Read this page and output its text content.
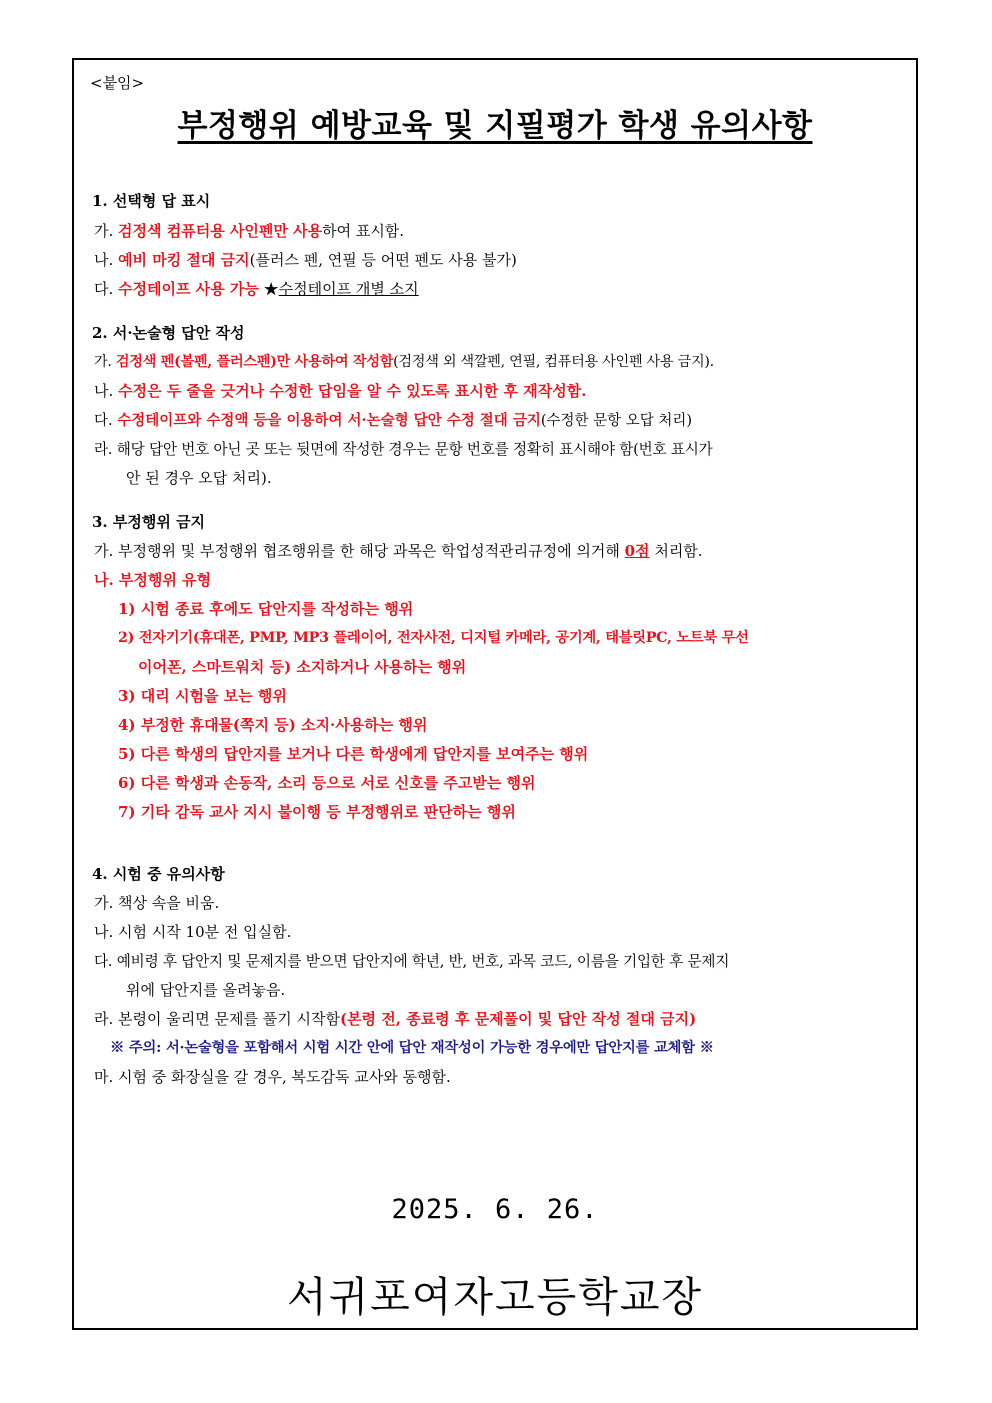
<붙임>
부정행위 예방교육 및 지필평가 학생 유의사항
1. 선택형 답 표시
가. 검정색 컴퓨터용 사인펜만 사용하여 표시함.
나. 예비 마킹 절대 금지(플러스 펜, 연필 등 어떤 펜도 사용 불가)
다. 수정테이프 사용 가능 ★수정테이프 개별 소지
2. 서·논술형 답안 작성
가. 검정색 펜(볼펜, 플러스펜)만 사용하여 작성함(검정색 외 색깔펜, 연필, 컴퓨터용 사인펜 사용 금지).
나. 수정은 두 줄을 긋거나 수정한 답임을 알 수 있도록 표시한 후 재작성함.
다. 수정테이프와 수정액 등을 이용하여 서·논술형 답안 수정 절대 금지(수정한 문항 오답 처리)
라. 해당 답안 번호 아닌 곳 또는 뒷면에 작성한 경우는 문항 번호를 정확히 표시해야 함(번호 표시가
안 된 경우 오답 처리).
3. 부정행위 금지
가. 부정행위 및 부정행위 협조행위를 한 해당 과목은 학업성적관리규정에 의거해 0점 처리함.
나. 부정행위 유형
1) 시험 종료 후에도 답안지를 작성하는 행위
2) 전자기기(휴대폰, PMP, MP3 플레이어, 전자사전, 디지털 카메라, 공기계, 태블릿PC, 노트북 무선
이어폰, 스마트워치 등) 소지하거나 사용하는 행위
3) 대리 시험을 보는 행위
4) 부정한 휴대물(쪽지 등) 소지·사용하는 행위
5) 다른 학생의 답안지를 보거나 다른 학생에게 답안지를 보여주는 행위
6) 다른 학생과 손동작, 소리 등으로 서로 신호를 주고받는 행위
7) 기타 감독 교사 지시 불이행 등 부정행위로 판단하는 행위
4. 시험 중 유의사항
가. 책상 속을 비움.
나. 시험 시작 10분 전 입실함.
다. 예비령 후 답안지 및 문제지를 받으면 답안지에 학년, 반, 번호, 과목 코드, 이름을 기입한 후 문제지
위에 답안지를 올려놓음.
라. 본령이 울리면 문제를 풀기 시작함(본령 전, 종료령 후 문제풀이 및 답안 작성 절대 금지)
※ 주의: 서·논술형을 포함해서 시험 시간 안에 답안 재작성이 가능한 경우에만 답안지를 교체함 ※
마. 시험 중 화장실을 갈 경우, 복도감독 교사와 동행함.
2025. 6. 26.
서귀포여자고등학교장
